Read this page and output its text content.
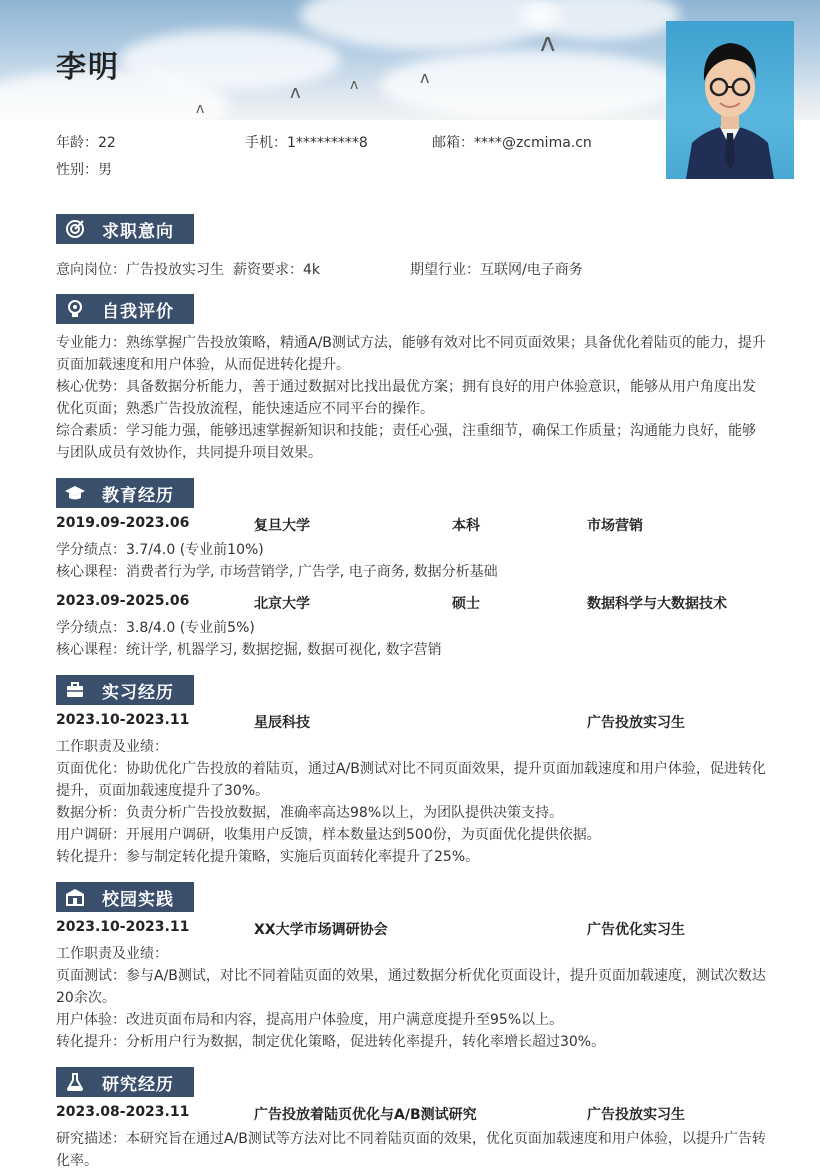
ᴧ
ᴧ	ᴧ	ᴧ
ᴧ
李明
年龄：22	手机：1*********8	邮箱：****@zcmima.cn
性别：男
求职意向
意向岗位：广告投放实习生 薪资要求：4k	期望行业：互联网/电子商务
自我评价
专业能力：熟练掌握广告投放策略，精通A/B测试方法，能够有效对比不同页面效果；具备优化着陆页的能力，提升页面加载速度和用户体验，从而促进转化提升。
核心优势：具备数据分析能力，善于通过数据对比找出最优方案；拥有良好的用户体验意识，能够从用户角度出发优化页面；熟悉广告投放流程，能快速适应不同平台的操作。
综合素质：学习能力强，能够迅速掌握新知识和技能；责任心强，注重细节，确保工作质量；沟通能力良好，能够与团队成员有效协作，共同提升项目效果。
教育经历
2019.09-2023.06	复旦大学	本科	市场营销
学分绩点：3.7/4.0 (专业前10%)
核心课程：消费者行为学, 市场营销学, 广告学, 电子商务, 数据分析基础
2023.09-2025.06	北京大学	硕士	数据科学与大数据技术
学分绩点：3.8/4.0 (专业前5%)
核心课程：统计学, 机器学习, 数据挖掘, 数据可视化, 数字营销
实习经历
2023.10-2023.11	星辰科技	广告投放实习生
工作职责及业绩：
页面优化：协助优化广告投放的着陆页，通过A/B测试对比不同页面效果，提升页面加载速度和用户体验，促进转化提升，页面加载速度提升了30%。
数据分析：负责分析广告投放数据，准确率高达98%以上，为团队提供决策支持。
用户调研：开展用户调研，收集用户反馈，样本数量达到500份，为页面优化提供依据。
转化提升：参与制定转化提升策略，实施后页面转化率提升了25%。
校园实践
2023.10-2023.11	XX大学市场调研协会	广告优化实习生
工作职责及业绩：
页面测试：参与A/B测试，对比不同着陆页面的效果，通过数据分析优化页面设计，提升页面加载速度，测试次数达20余次。
用户体验：改进页面布局和内容，提高用户体验度，用户满意度提升至95%以上。
转化提升：分析用户行为数据，制定优化策略，促进转化率提升，转化率增长超过30%。
研究经历
2023.08-2023.11	广告投放着陆页优化与A/B测试研究	广告投放实习生
研究描述：本研究旨在通过A/B测试等方法对比不同着陆页面的效果，优化页面加载速度和用户体验，以提升广告转化率。
